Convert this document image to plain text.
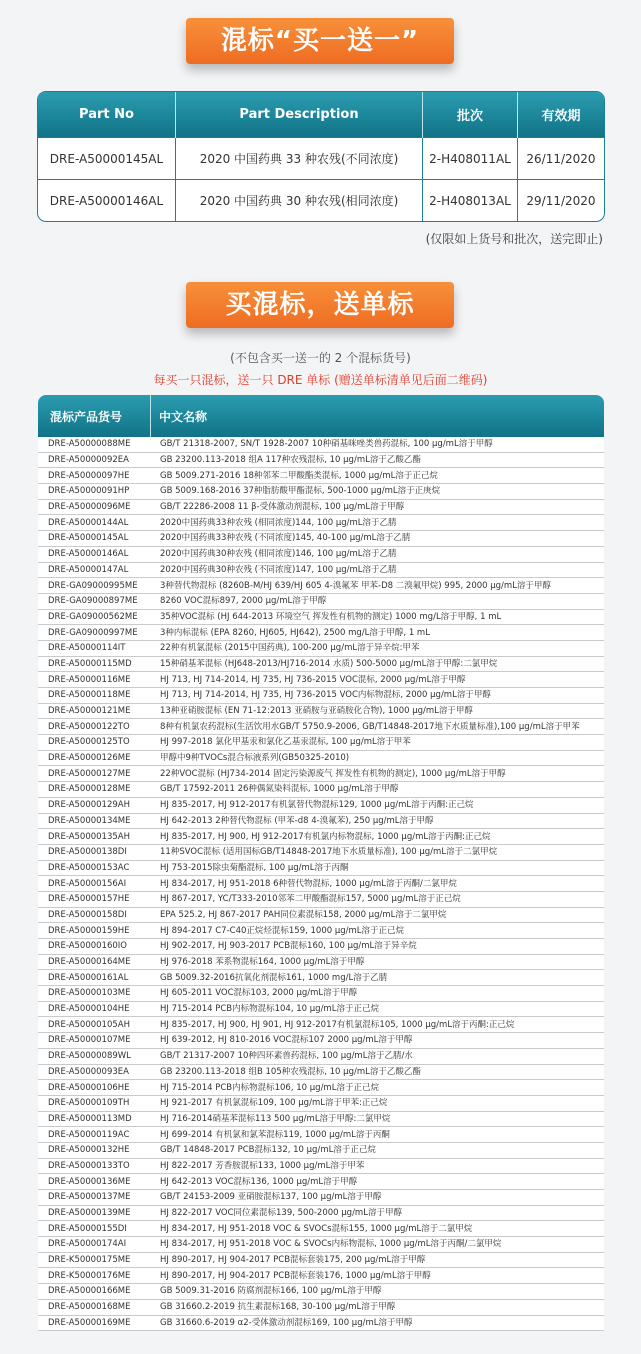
混标“买一送一”
Part No	Part Description	批次	有效期
DRE-A50000145AL	2020 中国药典 33 种农残(不同浓度)	2-H408011AL	26/11/2020
DRE-A50000146AL	2020 中国药典 30 种农残(相同浓度)	2-H408013AL	29/11/2020
(仅限如上货号和批次，送完即止)
买混标，送单标
(不包含买一送一的 2 个混标货号)
每买一只混标，送一只 DRE 单标 (赠送单标清单见后面二维码)
混标产品货号	中文名称
DRE-A50000088ME	GB/T 21318-2007, SN/T 1928-2007 10种硝基咪唑类兽药混标, 100 μg/mL溶于甲醇
DRE-A50000092EA	GB 23200.113-2018 组A 117种农残混标, 10 μg/mL溶于乙酸乙酯
DRE-A50000097HE	GB 5009.271-2016 18种邻苯二甲酸酯类混标, 1000 μg/mL溶于正己烷
DRE-A50000091HP	GB 5009.168-2016 37种脂肪酸甲酯混标, 500-1000 μg/mL溶于正庚烷
DRE-A50000096ME	GB/T 22286-2008 11 β-受体激动剂混标, 100 μg/mL溶于甲醇
DRE-A50000144AL	2020中国药典33种农残 (相同浓度)144, 100 μg/mL溶于乙腈
DRE-A50000145AL	2020中国药典33种农残 (不同浓度)145, 40-100 μg/mL溶于乙腈
DRE-A50000146AL	2020中国药典30种农残 (相同浓度)146, 100 μg/mL溶于乙腈
DRE-A50000147AL	2020中国药典30种农残 (不同浓度)147, 100 μg/mL溶于乙腈
DRE-GA09000995ME	3种替代物混标 (8260B-M/HJ 639/HJ 605 4-溴氟苯 甲苯-D8 二溴氟甲烷) 995, 2000 μg/mL溶于甲醇
DRE-GA09000897ME	8260 VOC混标897, 2000 μg/mL溶于甲醇
DRE-GA09000562ME	35种VOC混标 (HJ 644-2013 环境空气 挥发性有机物的测定) 1000 mg/L溶于甲醇, 1 mL
DRE-GA09000997ME	3种内标混标 (EPA 8260, HJ605, HJ642), 2500 mg/L溶于甲醇, 1 mL
DRE-A50000114IT	22种有机氯混标 (2015中国药典), 100-200 μg/mL溶于异辛烷:甲苯
DRE-A50000115MD	15种硝基苯混标 (HJ648-2013/HJ716-2014 水质) 500-5000 μg/mL溶于甲醇:二氯甲烷
DRE-A50000116ME	HJ 713, HJ 714-2014, HJ 735, HJ 736-2015 VOC混标, 2000 μg/mL溶于甲醇
DRE-A50000118ME	HJ 713, HJ 714-2014, HJ 735, HJ 736-2015 VOC内标物混标, 2000 μg/mL溶于甲醇
DRE-A50000121ME	13种亚硝胺混标 (EN 71-12:2013 亚硝胺与亚硝胺化合物), 1000 μg/mL溶于甲醇
DRE-A50000122TO	8种有机氯农药混标(生活饮用水GB/T 5750.9-2006, GB/T14848-2017地下水质量标准),100 μg/mL溶于甲苯
DRE-A50000125TO	HJ 997-2018 氯化甲基汞和氯化乙基汞混标, 100 μg/mL溶于甲苯
DRE-A50000126ME	甲醇中9种TVOCs混合标液系列(GB50325-2010)
DRE-A50000127ME	22种VOC混标 (HJ734-2014 固定污染源废气 挥发性有机物的测定), 1000 μg/mL溶于甲醇
DRE-A50000128ME	GB/T 17592-2011 26种偶氮染料混标, 1000 μg/mL溶于甲醇
DRE-A50000129AH	HJ 835-2017, HJ 912-2017有机氯替代物混标129, 1000 μg/mL溶于丙酮:正己烷
DRE-A50000134ME	HJ 642-2013 2种替代物混标 (甲苯-d8 4-溴氟苯), 250 μg/mL溶于甲醇
DRE-A50000135AH	HJ 835-2017, HJ 900, HJ 912-2017有机氯内标物混标, 1000 μg/mL溶于丙酮:正己烷
DRE-A50000138DI	11种SVOC混标 (适用国标GB/T14848-2017地下水质量标准), 100 μg/mL溶于二氯甲烷
DRE-A50000153AC	HJ 753-2015除虫菊酯混标, 100 μg/mL溶于丙酮
DRE-A50000156AI	HJ 834-2017, HJ 951-2018 6种替代物混标, 1000 μg/mL溶于丙酮/二氯甲烷
DRE-A50000157HE	HJ 867-2017, YC/T333-2010邻苯二甲酸酯混标157, 5000 μg/mL溶于正己烷
DRE-A50000158DI	EPA 525.2, HJ 867-2017 PAH同位素混标158, 2000 μg/mL溶于二氯甲烷
DRE-A50000159HE	HJ 894-2017 C7-C40正烷烃混标159, 1000 μg/mL溶于正己烷
DRE-A50000160IO	HJ 902-2017, HJ 903-2017 PCB混标160, 100 μg/mL溶于异辛烷
DRE-A50000164ME	HJ 976-2018 苯系物混标164, 1000 μg/mL溶于甲醇
DRE-A50000161AL	GB 5009.32-2016抗氧化剂混标161, 1000 mg/L溶于乙腈
DRE-A50000103ME	HJ 605-2011 VOC混标103, 2000 μg/mL溶于甲醇
DRE-A50000104HE	HJ 715-2014 PCB内标物混标104, 10 μg/mL溶于正己烷
DRE-A50000105AH	HJ 835-2017, HJ 900, HJ 901, HJ 912-2017有机氯混标105, 1000 μg/mL溶于丙酮:正己烷
DRE-A50000107ME	HJ 639-2012, HJ 810-2016 VOC混标107 2000 μg/mL溶于甲醇
DRE-A50000089WL	GB/T 21317-2007 10种四环素兽药混标, 100 μg/mL溶于乙腈/水
DRE-A50000093EA	GB 23200.113-2018 组B 105种农残混标, 10 μg/mL溶于乙酸乙酯
DRE-A50000106HE	HJ 715-2014 PCB内标物混标106, 10 μg/mL溶于正己烷
DRE-A50000109TH	HJ 921-2017 有机氯混标109, 100 μg/mL溶于甲苯:正己烷
DRE-A50000113MD	HJ 716-2014硝基苯混标113 500 μg/mL溶于甲醇:二氯甲烷
DRE-A50000119AC	HJ 699-2014 有机氯和氯苯混标119, 1000 μg/mL溶于丙酮
DRE-A50000132HE	GB/T 14848-2017 PCB混标132, 10 μg/mL溶于正己烷
DRE-A50000133TO	HJ 822-2017 芳香胺混标133, 1000 μg/mL溶于甲苯
DRE-A50000136ME	HJ 642-2013 VOC混标136, 1000 μg/mL溶于甲醇
DRE-A50000137ME	GB/T 24153-2009 亚硝胺混标137, 100 μg/mL溶于甲醇
DRE-A50000139ME	HJ 822-2017 VOC同位素混标139, 500-2000 μg/mL溶于甲醇
DRE-A50000155DI	HJ 834-2017, HJ 951-2018 VOC & SVOCs混标155, 1000 μg/mL溶于二氯甲烷
DRE-A50000174AI	HJ 834-2017, HJ 951-2018 VOC & SVOCs内标物混标, 1000 μg/mL溶于丙酮/二氯甲烷
DRE-K50000175ME	HJ 890-2017, HJ 904-2017 PCB混标套装175, 200 μg/mL溶于甲醇
DRE-K50000176ME	HJ 890-2017, HJ 904-2017 PCB混标套装176, 1000 μg/mL溶于甲醇
DRE-A50000166ME	GB 5009.31-2016 防腐剂混标166, 100 μg/mL溶于甲醇
DRE-A50000168ME	GB 31660.2-2019 抗生素混标168, 30-100 μg/mL溶于甲醇
DRE-A50000169ME	GB 31660.6-2019 α2-受体激动剂混标169, 100 μg/mL溶于甲醇
